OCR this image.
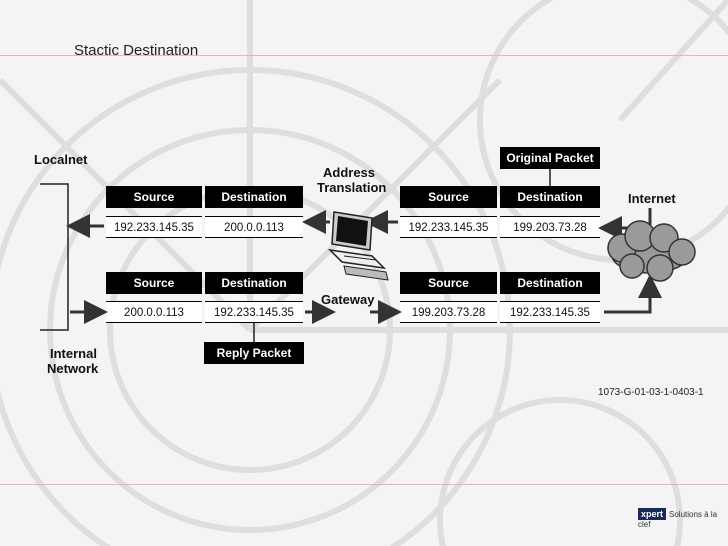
Stactic Destination
Localnet
Internal
Network
Address
Translation
Gateway
Internet
Original Packet
Reply Packet
Source	Destination
192.233.145.35	200.0.0.113
Source	Destination
192.233.145.35	199.203.73.28
Source	Destination
200.0.0.113	192.233.145.35
Source	Destination
199.203.73.28	192.233.145.35
1073-G-01-03-1-0403-1
xpert Solutions à la clef
